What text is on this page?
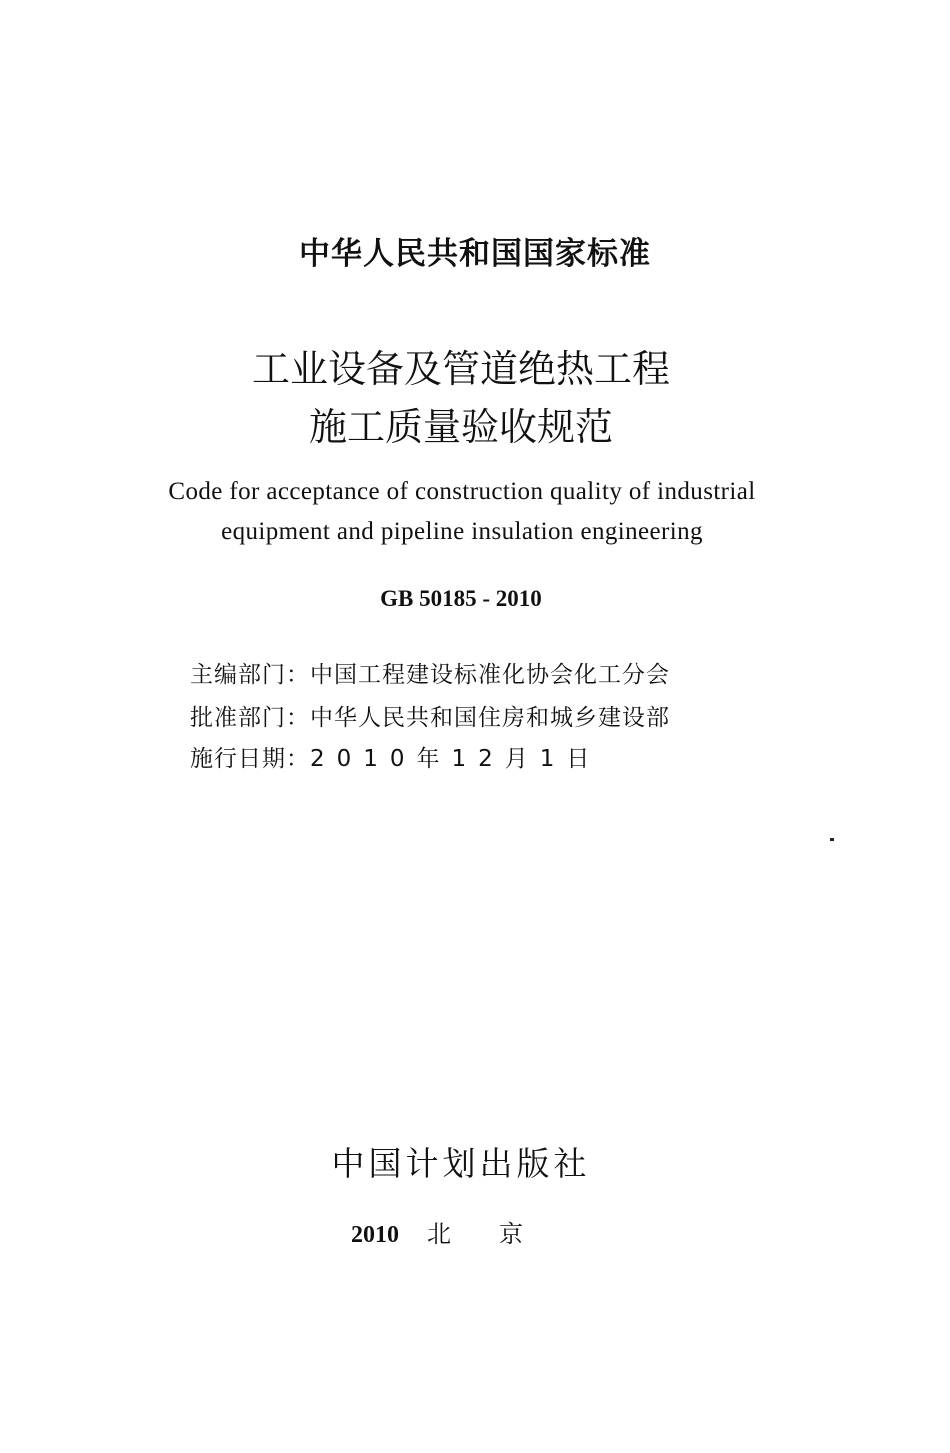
中华人民共和国国家标准
工业设备及管道绝热工程
施工质量验收规范
Code for acceptance of construction quality of industrial
equipment and pipeline insulation engineering
GB 50185 - 2010
主编部门：中国工程建设标准化协会化工分会
批准部门：中华人民共和国住房和城乡建设部
施行日期：2010年12月1日
中国计划出版社
2010 北京
